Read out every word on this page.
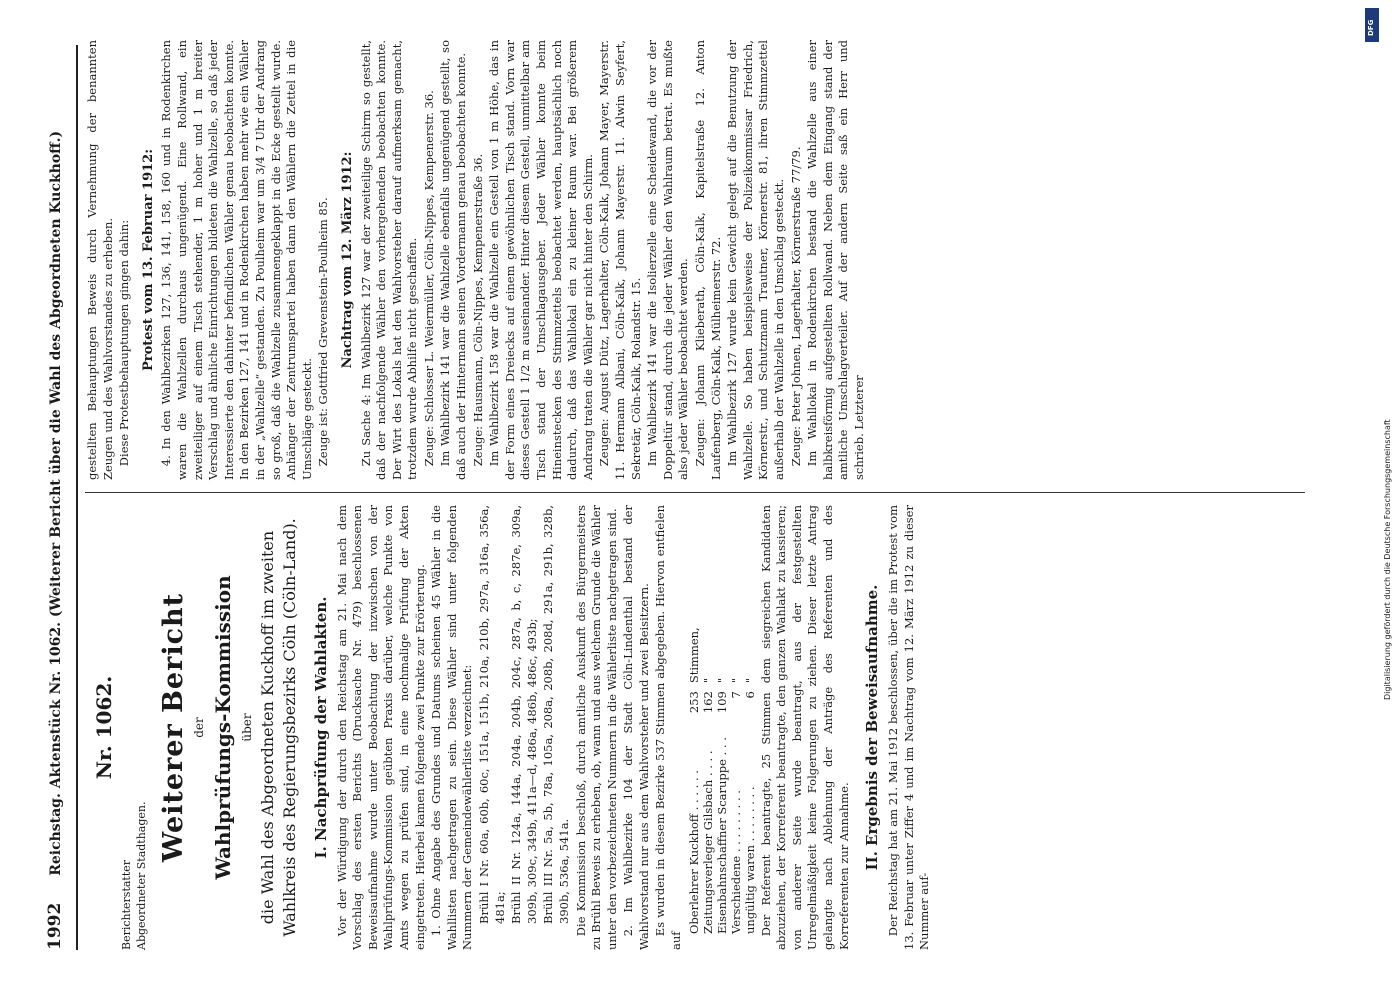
1992 Reichstag. Aktenstück Nr. 1062. (Weiterer Bericht über die Wahl des Abgeordneten Kuckhoff.)	Nr. 1062.
Berichterstatter Abgeordneter Stadthagen.
Weiterer Bericht der Wahlprüfungs-Kommission über die Wahl des Abgeordneten Kuckhoff im zweiten Wahlkreis des Regierungsbezirks Cöln (Cöln-Land). I. Nachprüfung der Wahlakten. Vor der Würdigung der durch den Reichstag am 21. Mai nach dem Vorschlag des ersten Berichts (Drucksache Nr. 479) beschlossenen Beweisaufnahme wurde unter Beobachtung der inzwischen von der Wahlprüfungs-Kommission geübten Praxis darüber, welche Punkte von Amts wegen zu prüfen sind, in eine nochmalige Prüfung der Akten eingetreten. Hierbei kamen folgende zwei Punkte zur Erörterung. 1. Ohne Angabe des Grundes und Datums scheinen 45 Wähler in die Wahllisten nachgetragen zu sein. Diese Wähler sind unter folgenden Nummern der Gemeindewählerliste verzeichnet: Brühl I Nr. 60a, 60b, 60c, 151a, 151b, 210a, 210b, 297a, 316a, 356a, 481a; Brühl II Nr. 124a, 144a, 204a, 204b, 204c, 287a, b, c, 287e, 309a, 309b, 309c, 349b, 411a—d, 486a, 486b, 486c, 493b; Brühl III Nr. 5a, 5b, 78a, 105a, 208a, 208b, 208d, 291a, 291b, 328b, 390b, 536a, 541a. Die Kommission beschloß, durch amtliche Auskunft des Bürgermeisters zu Brühl Beweis zu erheben, ob, wann und aus welchem Grunde die Wähler unter den vorbezeichneten Nummern in die Wählerliste nachgetragen sind. 2. Im Wahlbezirke 104 der Stadt Cöln-Lindenthal bestand der Wahlvorstand nur aus dem Wahlvorsteher und zwei Beisitzern. Es wurden in diesem Bezirke 537 Stimmen abgegeben. Hiervon entfielen auf

Oberlehrer Kuckhoff . . . . . .	253	Stimmen,
Zeitungsverleger Gilsbach . . . .	162	"
Eisenbahnschaffner Scaruppe . . .	109	"
Verschiedene . . . . . . . . .	7	"
ungültig waren . . . . . . . .	6	" Der Referent beantragte, 25 Stimmen dem siegreichen Kandidaten abzuziehen, der Korreferent beantragte, den ganzen Wahlakt zu kassieren; von anderer Seite wurde beantragt, aus der festgestellten Unregelmäßigkeit keine Folgerungen zu ziehen. Dieser letzte Antrag gelangte nach Ablehnung der Anträge des Referenten und des Korreferenten zur Annahme. II. Ergebnis der Beweisaufnahme. Der Reichstag hat am 21. Mai 1912 beschlossen, über die im Protest vom 13. Februar unter Ziffer 4 und im Nachtrag vom 12. März 1912 zu dieser Nummer auf-

gestellten Behauptungen Beweis durch Vernehmung der benannten Zeugen und des Wahlvorstandes zu erheben. Diese Protestbehauptungen gingen dahin: Protest vom 13. Februar 1912: 4. In den Wahlbezirken 127, 136, 141, 158, 160 und in Rodenkirchen waren die Wahlzellen durchaus ungenügend. Eine Rollwand, ein zweiteiliger auf einem Tisch stehender, 1 m hoher und 1 m breiter Verschlag und ähnliche Einrichtungen bildeten die Wahlzelle, so daß jeder Interessierte den dahinter befindlichen Wähler genau beobachten konnte. In den Bezirken 127, 141 und in Rodenkirchen haben mehr wie ein Wähler in der „Wahlzelle“ gestanden. Zu Poulheim war um 3/4 7 Uhr der Andrang so groß, daß die Wahlzelle zusammengeklappt in die Ecke gestellt wurde. Anhänger der Zentrumspartei haben dann den Wählern die Zettel in die Umschläge gesteckt. Zeuge ist: Gottfried Grevenstein-Poulheim 85. Nachtrag vom 12. März 1912: Zu Sache 4: Im Wahlbezirk 127 war der zweiteilige Schirm so gestellt, daß der nachfolgende Wähler den vorhergehenden beobachten konnte. Der Wirt des Lokals hat den Wahlvorsteher darauf aufmerksam gemacht, trotzdem wurde Abhilfe nicht geschaffen. Zeuge: Schlosser L. Weiermüller, Cöln-Nippes, Kempenerstr. 36. Im Wahlbezirk 141 war die Wahlzelle ebenfalls ungenügend gestellt, so daß auch der Hintermann seinen Vordermann genau beobachten konnte. Zeuge: Hausmann, Cöln-Nippes, Kempenerstraße 36. Im Wahlbezirk 158 war die Wahlzelle ein Gestell von 1 m Höhe, das in der Form eines Dreiecks auf einem gewöhnlichen Tisch stand. Vorn war dieses Gestell 1 1/2 m auseinander. Hinter diesem Gestell, unmittelbar am Tisch stand der Umschlagausgeber. Jeder Wähler konnte beim Hineinstecken des Stimmzettels beobachtet werden, hauptsächlich noch dadurch, daß das Wahllokal ein zu kleiner Raum war. Bei größerem Andrang traten die Wähler gar nicht hinter den Schirm. Zeugen: August Dütz, Lagerhalter, Cöln-Kalk, Johann Mayer, Mayerstr. 11. Hermann Albani, Cöln-Kalk, Johann Mayerstr. 11. Alwin Seyfert, Sekretär, Cöln-Kalk, Rolandstr. 15. Im Wahlbezirk 141 war die Isolierzelle eine Scheidewand, die vor der Doppeltür stand, durch die jeder Wähler den Wahlraum betrat. Es mußte also jeder Wähler beobachtet werden. Zeugen: Johann Klieberath, Cöln-Kalk, Kapitelstraße 12. Anton Laufenberg, Cöln-Kalk, Mülheimerstr. 72. Im Wahlbezirk 127 wurde kein Gewicht gelegt auf die Benutzung der Wahlzelle. So haben beispielsweise der Polizeikommissar Friedrich, Körnerstr., und Schutzmann Trautner, Körnerstr. 81, ihren Stimmzettel außerhalb der Wahlzelle in den Umschlag gesteckt. Zeuge: Peter Johnen, Lagerhalter, Körnerstraße 77/79. Im Wahllokal in Rodenkirchen bestand die Wahlzelle aus einer halbkreisförmig aufgestellten Rollwand. Neben dem Eingang stand der amtliche Umschlagverteiler. Auf der andern Seite saß ein Herr und schrieb. Letzterer

DFG
Digitalisierung gefördert durch die Deutsche Forschungsgemeinschaft
